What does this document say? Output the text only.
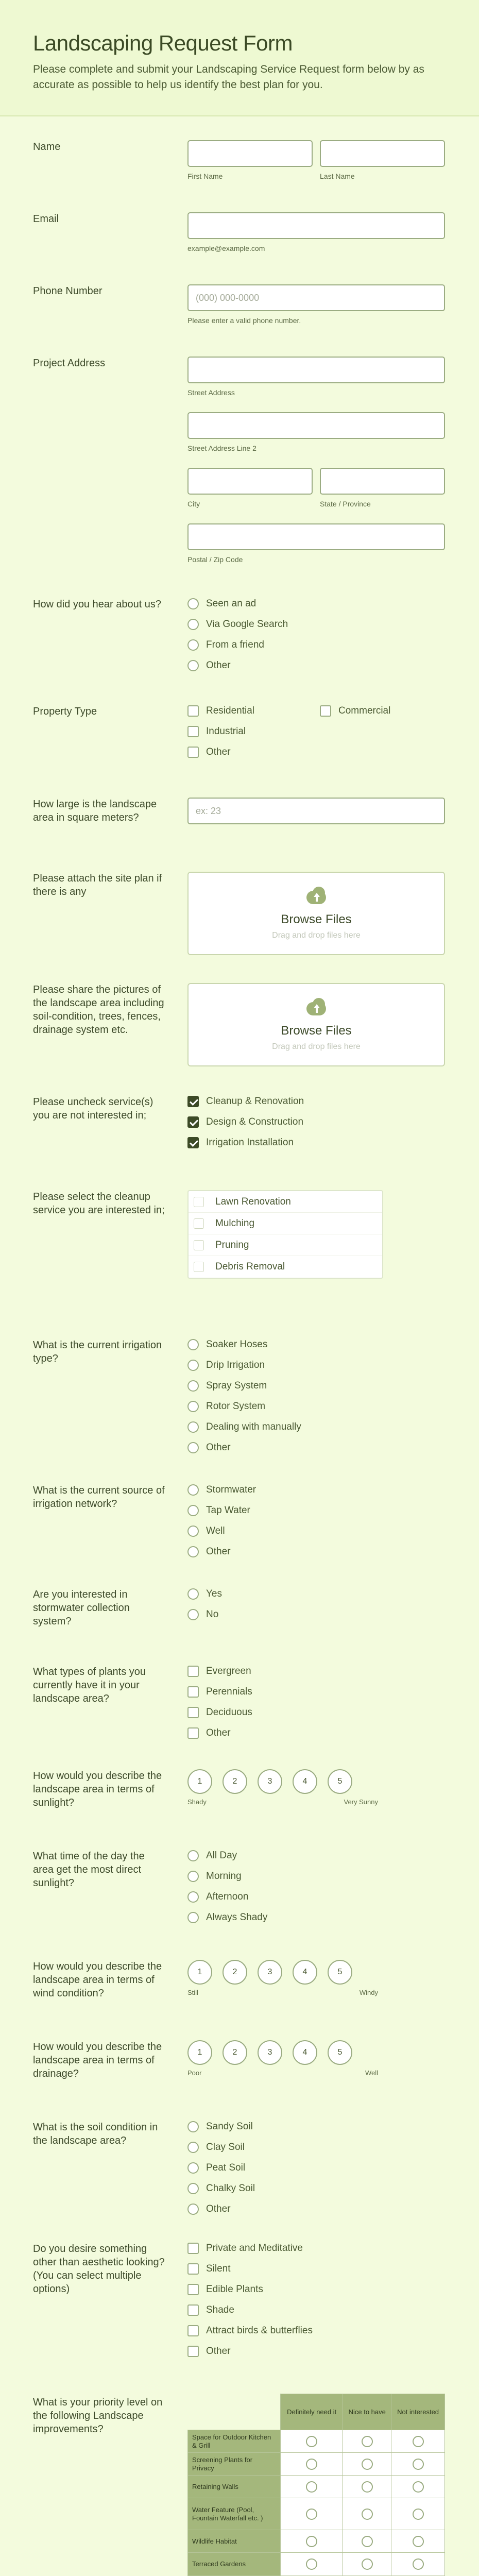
Landscaping Request Form

Please complete and submit your Landscaping Service Request form below by as accurate as possible to help us identify the best plan for you.

Name
First Name	Last Name
Email
example@example.com
Phone Number
(000) 000-0000
Please enter a valid phone number.
Project Address
Street Address
Street Address Line 2
City	State / Province
Postal / Zip Code
How did you hear about us?	Seen an ad
Via Google Search
From a friend
Other
Property Type	Residential	Commercial
Industrial
Other
How large is the landscape area in square meters?
ex: 23
Please attach the site plan if there is any
Browse Files
Drag and drop files here
Please share the pictures of the landscape area including soil-condition, trees, fences, drainage system etc.	Browse Files
Drag and drop files here
Please uncheck service(s) you are not interested in;
Cleanup & Renovation
Design & Construction
Irrigation Installation
Please select the cleanup service you are interested in;
Lawn Renovation
Mulching
Pruning
Debris Removal
What is the current irrigation type?
Soaker Hoses
Drip Irrigation
Spray System
Rotor System
Dealing with manually
Other
What is the current source of irrigation network?
Stormwater
Tap Water
Well
Other
Are you interested in stormwater collection system?
Yes
No
What types of plants you currently have it in your landscape area?
Evergreen
Perennials
Deciduous
Other
How would you describe the landscape area in terms of sunlight?
1	2	3	4	5
Shady	Very Sunny
What time of the day the area get the most direct sunlight?
All Day
Morning
Afternoon
Always Shady
How would you describe the landscape area in terms of wind condition?
1	2	3	4	5
Still	Windy
How would you describe the landscape area in terms of drainage?
1	2	3	4	5
Poor	Well
What is the soil condition in the landscape area?
Sandy Soil
Clay Soil
Peat Soil
Chalky Soil
Other
Do you desire something other than aesthetic looking? (You can select multiple options)
Private and Meditative
Silent
Edible Plants
Shade
Attract birds & butterflies
Other
What is your priority level on the following Landscape improvements?
	Definitely need it	Nice to have	Not interested
Space for Outdoor Kitchen & Grill			
Screening Plants for Privacy			
Retaining Walls			
Water Feature (Pool, Fountain Waterfall etc. )			
Wildlife Habitat			
Terraced Gardens			
